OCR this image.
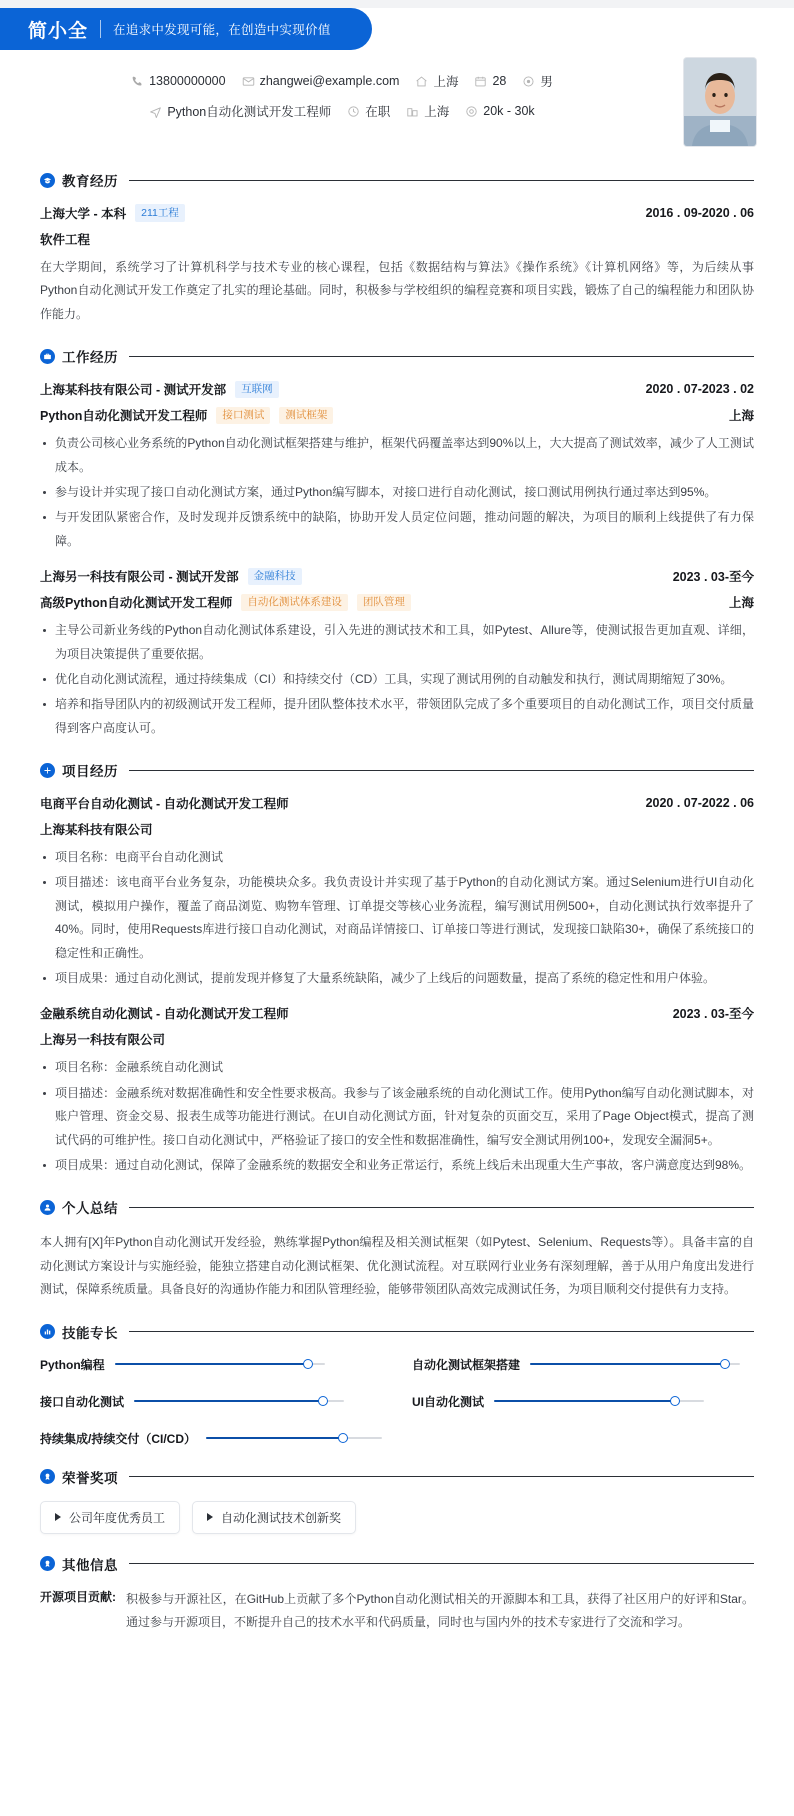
简小全 在追求中发现可能，在创造中实现价值
13800000000	zhangwei@example.com	上海	28	男
Python自动化测试开发工程师	在职	上海	20k - 30k
教育经历
上海大学 - 本科	211工程	2016 . 09-2020 . 06
软件工程

在大学期间，系统学习了计算机科学与技术专业的核心课程，包括《数据结构与算法》《操作系统》《计算机网络》等，为后续从事Python自动化测试开发工作奠定了扎实的理论基础。同时，积极参与学校组织的编程竞赛和项目实践，锻炼了自己的编程能力和团队协作能力。

工作经历
上海某科技有限公司 - 测试开发部	互联网	2020 . 07-2023 . 02
Python自动化测试开发工程师	接口测试	测试框架	上海
负责公司核心业务系统的Python自动化测试框架搭建与维护，框架代码覆盖率达到90%以上，大大提高了测试效率，减少了人工测试成本。
参与设计并实现了接口自动化测试方案，通过Python编写脚本，对接口进行自动化测试，接口测试用例执行通过率达到95%。
与开发团队紧密合作，及时发现并反馈系统中的缺陷，协助开发人员定位问题，推动问题的解决，为项目的顺利上线提供了有力保障。
上海另一科技有限公司 - 测试开发部	金融科技	2023 . 03-至今
高级Python自动化测试开发工程师	自动化测试体系建设	团队管理	上海
主导公司新业务线的Python自动化测试体系建设，引入先进的测试技术和工具，如Pytest、Allure等，使测试报告更加直观、详细，为项目决策提供了重要依据。
优化自动化测试流程，通过持续集成（CI）和持续交付（CD）工具，实现了测试用例的自动触发和执行，测试周期缩短了30%。
培养和指导团队内的初级测试开发工程师，提升团队整体技术水平，带领团队完成了多个重要项目的自动化测试工作，项目交付质量得到客户高度认可。
项目经历
电商平台自动化测试 - 自动化测试开发工程师	2020 . 07-2022 . 06
上海某科技有限公司
项目名称：电商平台自动化测试
项目描述：该电商平台业务复杂，功能模块众多。我负责设计并实现了基于Python的自动化测试方案。通过Selenium进行UI自动化测试，模拟用户操作，覆盖了商品浏览、购物车管理、订单提交等核心业务流程，编写测试用例500+，自动化测试执行效率提升了40%。同时，使用Requests库进行接口自动化测试，对商品详情接口、订单接口等进行测试，发现接口缺陷30+，确保了系统接口的稳定性和正确性。
项目成果：通过自动化测试，提前发现并修复了大量系统缺陷，减少了上线后的问题数量，提高了系统的稳定性和用户体验。
金融系统自动化测试 - 自动化测试开发工程师	2023 . 03-至今
上海另一科技有限公司
项目名称：金融系统自动化测试
项目描述：金融系统对数据准确性和安全性要求极高。我参与了该金融系统的自动化测试工作。使用Python编写自动化测试脚本，对账户管理、资金交易、报表生成等功能进行测试。在UI自动化测试方面，针对复杂的页面交互，采用了Page Object模式，提高了测试代码的可维护性。接口自动化测试中，严格验证了接口的安全性和数据准确性，编写安全测试用例100+，发现安全漏洞5+。
项目成果：通过自动化测试，保障了金融系统的数据安全和业务正常运行，系统上线后未出现重大生产事故，客户满意度达到98%。
个人总结

本人拥有[X]年Python自动化测试开发经验，熟练掌握Python编程及相关测试框架（如Pytest、Selenium、Requests等）。具备丰富的自动化测试方案设计与实施经验，能独立搭建自动化测试框架、优化测试流程。对互联网行业业务有深刻理解，善于从用户角度出发进行测试，保障系统质量。具备良好的沟通协作能力和团队管理经验，能够带领团队高效完成测试任务，为项目顺利交付提供有力支持。

技能专长
Python编程	自动化测试框架搭建
接口自动化测试	UI自动化测试
持续集成/持续交付（CI/CD）
荣誉奖项
公司年度优秀员工	自动化测试技术创新奖
其他信息
开源项目贡献: 积极参与开源社区，在GitHub上贡献了多个Python自动化测试相关的开源脚本和工具，获得了社区用户的好评和Star。通过参与开源项目，不断提升自己的技术水平和代码质量，同时也与国内外的技术专家进行了交流和学习。
